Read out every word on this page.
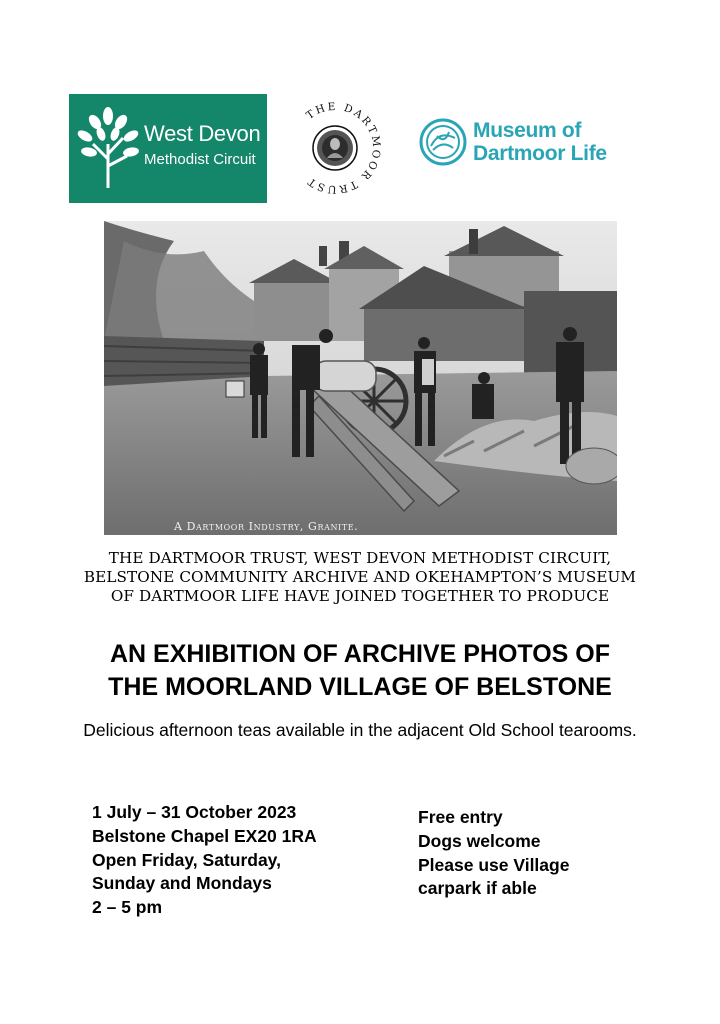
West Devon
Methodist Circuit
THE DARTMOOR TRUST
Museum of
Dartmoor Life
A Dartmoor Industry, Granite.
THE DARTMOOR TRUST, WEST DEVON METHODIST CIRCUIT,
BELSTONE COMMUNITY ARCHIVE AND OKEHAMPTON’S MUSEUM
OF DARTMOOR LIFE HAVE JOINED TOGETHER TO PRODUCE
AN EXHIBITION OF ARCHIVE PHOTOS OF
THE MOORLAND VILLAGE OF BELSTONE
Delicious afternoon teas available in the adjacent Old School tearooms.
1 July – 31 October 2023
Belstone Chapel EX20 1RA
Open Friday, Saturday,
Sunday and Mondays
2 – 5 pm
Free entry
Dogs welcome
Please use Village
carpark if able
